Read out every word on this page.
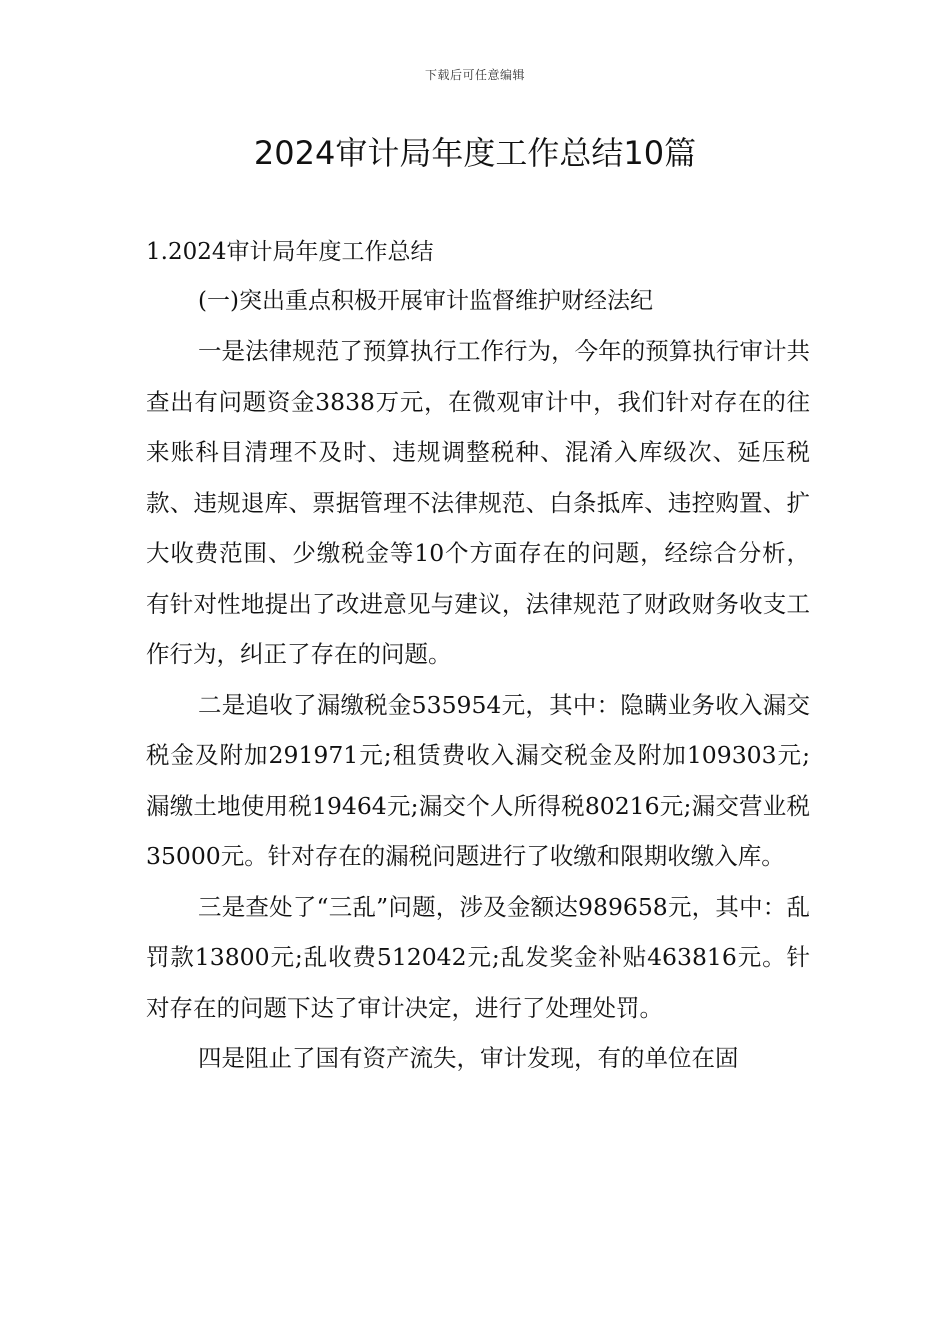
下载后可任意编辑
2024审计局年度工作总结10篇

1.2024审计局年度工作总结

(一)突出重点积极开展审计监督维护财经法纪

一是法律规范了预算执行工作行为，今年的预算执行审计共查出有问题资金3838万元，在微观审计中，我们针对存在的往来账科目清理不及时、违规调整税种、混淆入库级次、延压税款、违规退库、票据管理不法律规范、白条抵库、违控购置、扩大收费范围、少缴税金等10个方面存在的问题，经综合分析，有针对性地提出了改进意见与建议，法律规范了财政财务收支工作行为，纠正了存在的问题。

二是追收了漏缴税金535954元，其中：隐瞒业务收入漏交税金及附加291971元;租赁费收入漏交税金及附加109303元;漏缴土地使用税19464元;漏交个人所得税80216元;漏交营业税35000元。针对存在的漏税问题进行了收缴和限期收缴入库。

三是查处了“三乱”问题，涉及金额达989658元，其中：乱罚款13800元;乱收费512042元;乱发奖金补贴463816元。针对存在的问题下达了审计决定，进行了处理处罚。

四是阻止了国有资产流失，审计发现，有的单位在固
